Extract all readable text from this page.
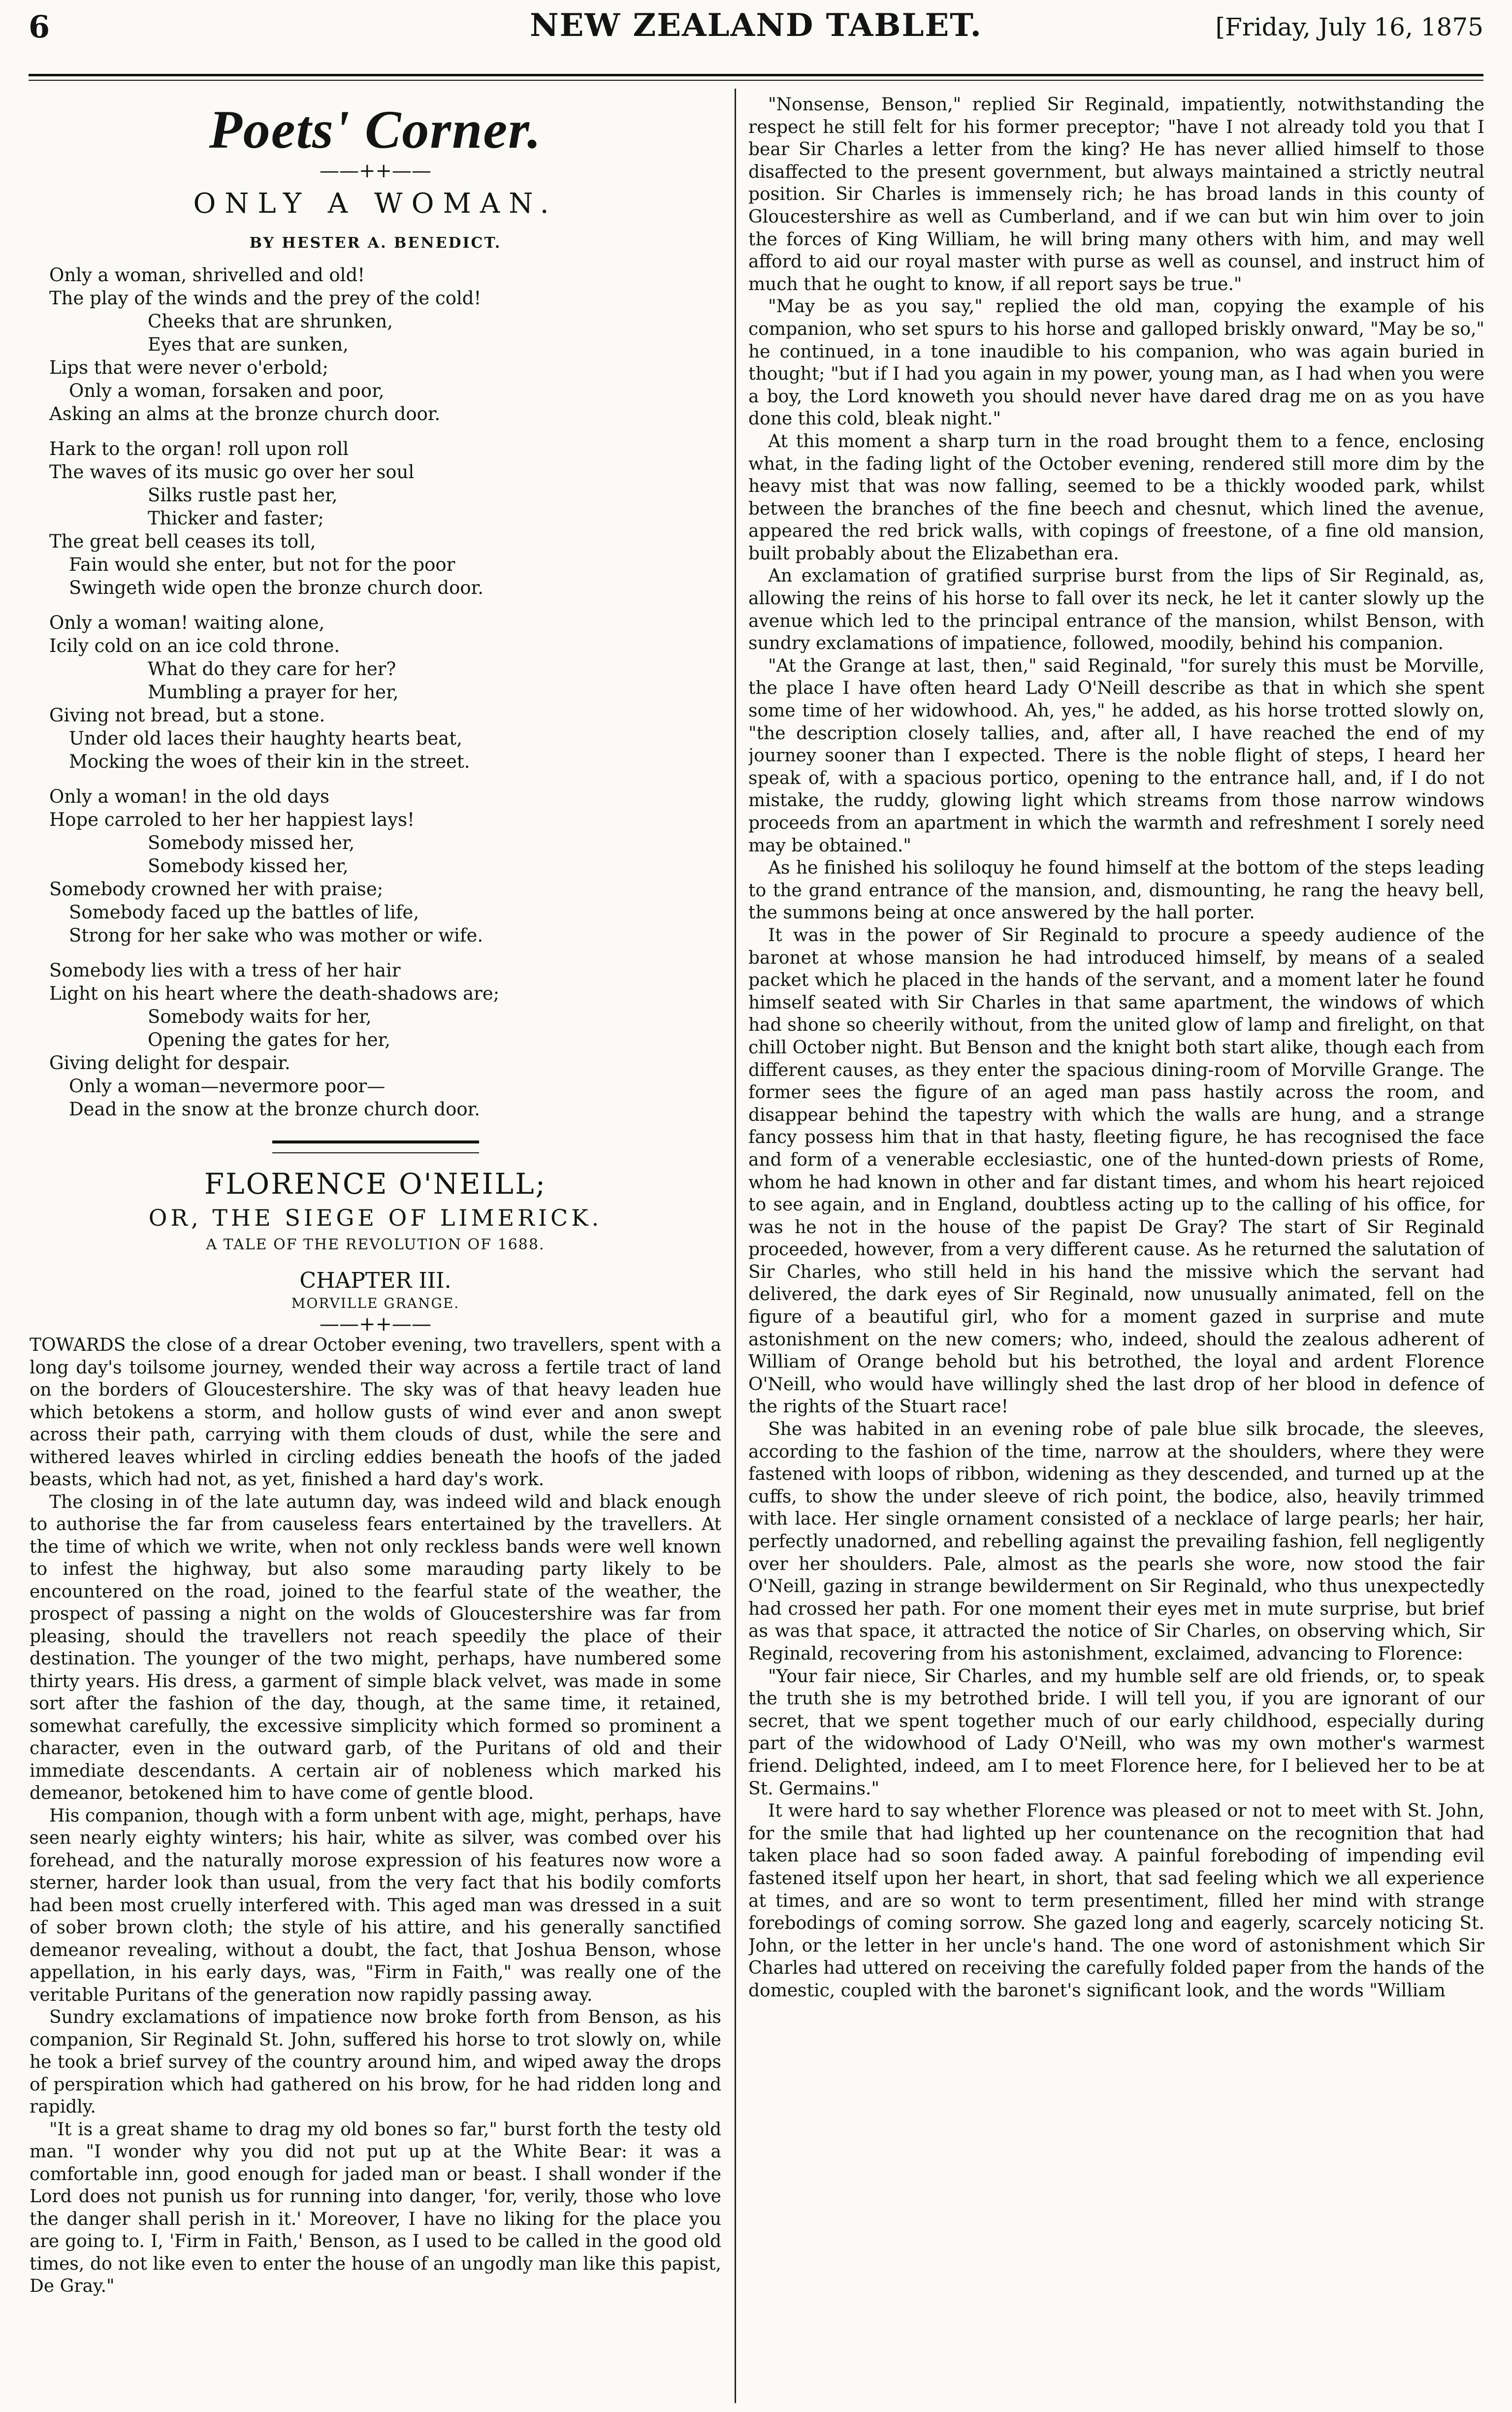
6	NEW ZEALAND TABLET.	[Friday, July 16, 1875
Poets' Corner.
——++——
ONLY A WOMAN.
BY HESTER A. BENEDICT.
Only a woman, shrivelled and old!
The play of the winds and the prey of the cold!
Cheeks that are shrunken,
Eyes that are sunken,
Lips that were never o'erbold;
Only a woman, forsaken and poor,
Asking an alms at the bronze church door.
Hark to the organ! roll upon roll
The waves of its music go over her soul
Silks rustle past her,
Thicker and faster;
The great bell ceases its toll,
Fain would she enter, but not for the poor
Swingeth wide open the bronze church door.
Only a woman! waiting alone,
Icily cold on an ice cold throne.
What do they care for her?
Mumbling a prayer for her,
Giving not bread, but a stone.
Under old laces their haughty hearts beat,
Mocking the woes of their kin in the street.
Only a woman! in the old days
Hope carroled to her her happiest lays!
Somebody missed her,
Somebody kissed her,
Somebody crowned her with praise;
Somebody faced up the battles of life,
Strong for her sake who was mother or wife.
Somebody lies with a tress of her hair
Light on his heart where the death-shadows are;
Somebody waits for her,
Opening the gates for her,
Giving delight for despair.
Only a woman—nevermore poor—
Dead in the snow at the bronze church door.
FLORENCE O'NEILL;
OR, THE SIEGE OF LIMERICK.
A TALE OF THE REVOLUTION OF 1688.
CHAPTER III.
MORVILLE GRANGE.
——++——

TOWARDS the close of a drear October evening, two travellers, spent with a long day's toilsome journey, wended their way across a fertile tract of land on the borders of Gloucestershire. The sky was of that heavy leaden hue which betokens a storm, and hollow gusts of wind ever and anon swept across their path, carrying with them clouds of dust, while the sere and withered leaves whirled in circling eddies beneath the hoofs of the jaded beasts, which had not, as yet, finished a hard day's work.

The closing in of the late autumn day, was indeed wild and black enough to authorise the far from causeless fears entertained by the travellers. At the time of which we write, when not only reckless bands were well known to infest the highway, but also some marauding party likely to be encountered on the road, joined to the fearful state of the weather, the prospect of passing a night on the wolds of Gloucestershire was far from pleasing, should the travellers not reach speedily the place of their destination. The younger of the two might, perhaps, have numbered some thirty years. His dress, a garment of simple black velvet, was made in some sort after the fashion of the day, though, at the same time, it retained, somewhat carefully, the excessive simplicity which formed so prominent a character, even in the outward garb, of the Puritans of old and their immediate descendants. A certain air of nobleness which marked his demeanor, betokened him to have come of gentle blood.

His companion, though with a form unbent with age, might, perhaps, have seen nearly eighty winters; his hair, white as silver, was combed over his forehead, and the naturally morose expression of his features now wore a sterner, harder look than usual, from the very fact that his bodily comforts had been most cruelly interfered with. This aged man was dressed in a suit of sober brown cloth; the style of his attire, and his generally sanctified demeanor revealing, without a doubt, the fact, that Joshua Benson, whose appellation, in his early days, was, "Firm in Faith," was really one of the veritable Puritans of the generation now rapidly passing away.

Sundry exclamations of impatience now broke forth from Benson, as his companion, Sir Reginald St. John, suffered his horse to trot slowly on, while he took a brief survey of the country around him, and wiped away the drops of perspiration which had gathered on his brow, for he had ridden long and rapidly.

"It is a great shame to drag my old bones so far," burst forth the testy old man. "I wonder why you did not put up at the White Bear: it was a comfortable inn, good enough for jaded man or beast. I shall wonder if the Lord does not punish us for running into danger, 'for, verily, those who love the danger shall perish in it.' Moreover, I have no liking for the place you are going to. I, 'Firm in Faith,' Benson, as I used to be called in the good old times, do not like even to enter the house of an ungodly man like this papist, De Gray."

"Nonsense, Benson," replied Sir Reginald, impatiently, notwithstanding the respect he still felt for his former preceptor; "have I not already told you that I bear Sir Charles a letter from the king? He has never allied himself to those disaffected to the present government, but always maintained a strictly neutral position. Sir Charles is immensely rich; he has broad lands in this county of Gloucestershire as well as Cumberland, and if we can but win him over to join the forces of King William, he will bring many others with him, and may well afford to aid our royal master with purse as well as counsel, and instruct him of much that he ought to know, if all report says be true."

"May be as you say," replied the old man, copying the example of his companion, who set spurs to his horse and galloped briskly onward, "May be so," he continued, in a tone inaudible to his companion, who was again buried in thought; "but if I had you again in my power, young man, as I had when you were a boy, the Lord knoweth you should never have dared drag me on as you have done this cold, bleak night."

At this moment a sharp turn in the road brought them to a fence, enclosing what, in the fading light of the October evening, rendered still more dim by the heavy mist that was now falling, seemed to be a thickly wooded park, whilst between the branches of the fine beech and chesnut, which lined the avenue, appeared the red brick walls, with copings of freestone, of a fine old mansion, built probably about the Elizabethan era.

An exclamation of gratified surprise burst from the lips of Sir Reginald, as, allowing the reins of his horse to fall over its neck, he let it canter slowly up the avenue which led to the principal entrance of the mansion, whilst Benson, with sundry exclamations of impatience, followed, moodily, behind his companion.

"At the Grange at last, then," said Reginald, "for surely this must be Morville, the place I have often heard Lady O'Neill describe as that in which she spent some time of her widowhood. Ah, yes," he added, as his horse trotted slowly on, "the description closely tallies, and, after all, I have reached the end of my journey sooner than I expected. There is the noble flight of steps, I heard her speak of, with a spacious portico, opening to the entrance hall, and, if I do not mistake, the ruddy, glowing light which streams from those narrow windows proceeds from an apartment in which the warmth and refreshment I sorely need may be obtained."

As he finished his soliloquy he found himself at the bottom of the steps leading to the grand entrance of the mansion, and, dismounting, he rang the heavy bell, the summons being at once answered by the hall porter.

It was in the power of Sir Reginald to procure a speedy audience of the baronet at whose mansion he had introduced himself, by means of a sealed packet which he placed in the hands of the servant, and a moment later he found himself seated with Sir Charles in that same apartment, the windows of which had shone so cheerily without, from the united glow of lamp and firelight, on that chill October night. But Benson and the knight both start alike, though each from different causes, as they enter the spacious dining-room of Morville Grange. The former sees the figure of an aged man pass hastily across the room, and disappear behind the tapestry with which the walls are hung, and a strange fancy possess him that in that hasty, fleeting figure, he has recognised the face and form of a venerable ecclesiastic, one of the hunted-down priests of Rome, whom he had known in other and far distant times, and whom his heart rejoiced to see again, and in England, doubtless acting up to the calling of his office, for was he not in the house of the papist De Gray? The start of Sir Reginald proceeded, however, from a very different cause. As he returned the salutation of Sir Charles, who still held in his hand the missive which the servant had delivered, the dark eyes of Sir Reginald, now unusually animated, fell on the figure of a beautiful girl, who for a moment gazed in surprise and mute astonishment on the new comers; who, indeed, should the zealous adherent of William of Orange behold but his betrothed, the loyal and ardent Florence O'Neill, who would have willingly shed the last drop of her blood in defence of the rights of the Stuart race!

She was habited in an evening robe of pale blue silk brocade, the sleeves, according to the fashion of the time, narrow at the shoulders, where they were fastened with loops of ribbon, widening as they descended, and turned up at the cuffs, to show the under sleeve of rich point, the bodice, also, heavily trimmed with lace. Her single ornament consisted of a necklace of large pearls; her hair, perfectly unadorned, and rebelling against the prevailing fashion, fell negligently over her shoulders. Pale, almost as the pearls she wore, now stood the fair O'Neill, gazing in strange bewilderment on Sir Reginald, who thus unexpectedly had crossed her path. For one moment their eyes met in mute surprise, but brief as was that space, it attracted the notice of Sir Charles, on observing which, Sir Reginald, recovering from his astonishment, exclaimed, advancing to Florence:

"Your fair niece, Sir Charles, and my humble self are old friends, or, to speak the truth she is my betrothed bride. I will tell you, if you are ignorant of our secret, that we spent together much of our early childhood, especially during part of the widowhood of Lady O'Neill, who was my own mother's warmest friend. Delighted, indeed, am I to meet Florence here, for I believed her to be at St. Germains."

It were hard to say whether Florence was pleased or not to meet with St. John, for the smile that had lighted up her countenance on the recognition that had taken place had so soon faded away. A painful foreboding of impending evil fastened itself upon her heart, in short, that sad feeling which we all experience at times, and are so wont to term presentiment, filled her mind with strange forebodings of coming sorrow. She gazed long and eagerly, scarcely noticing St. John, or the letter in her uncle's hand. The one word of astonishment which Sir Charles had uttered on receiving the carefully folded paper from the hands of the domestic, coupled with the baronet's significant look, and the words "William
